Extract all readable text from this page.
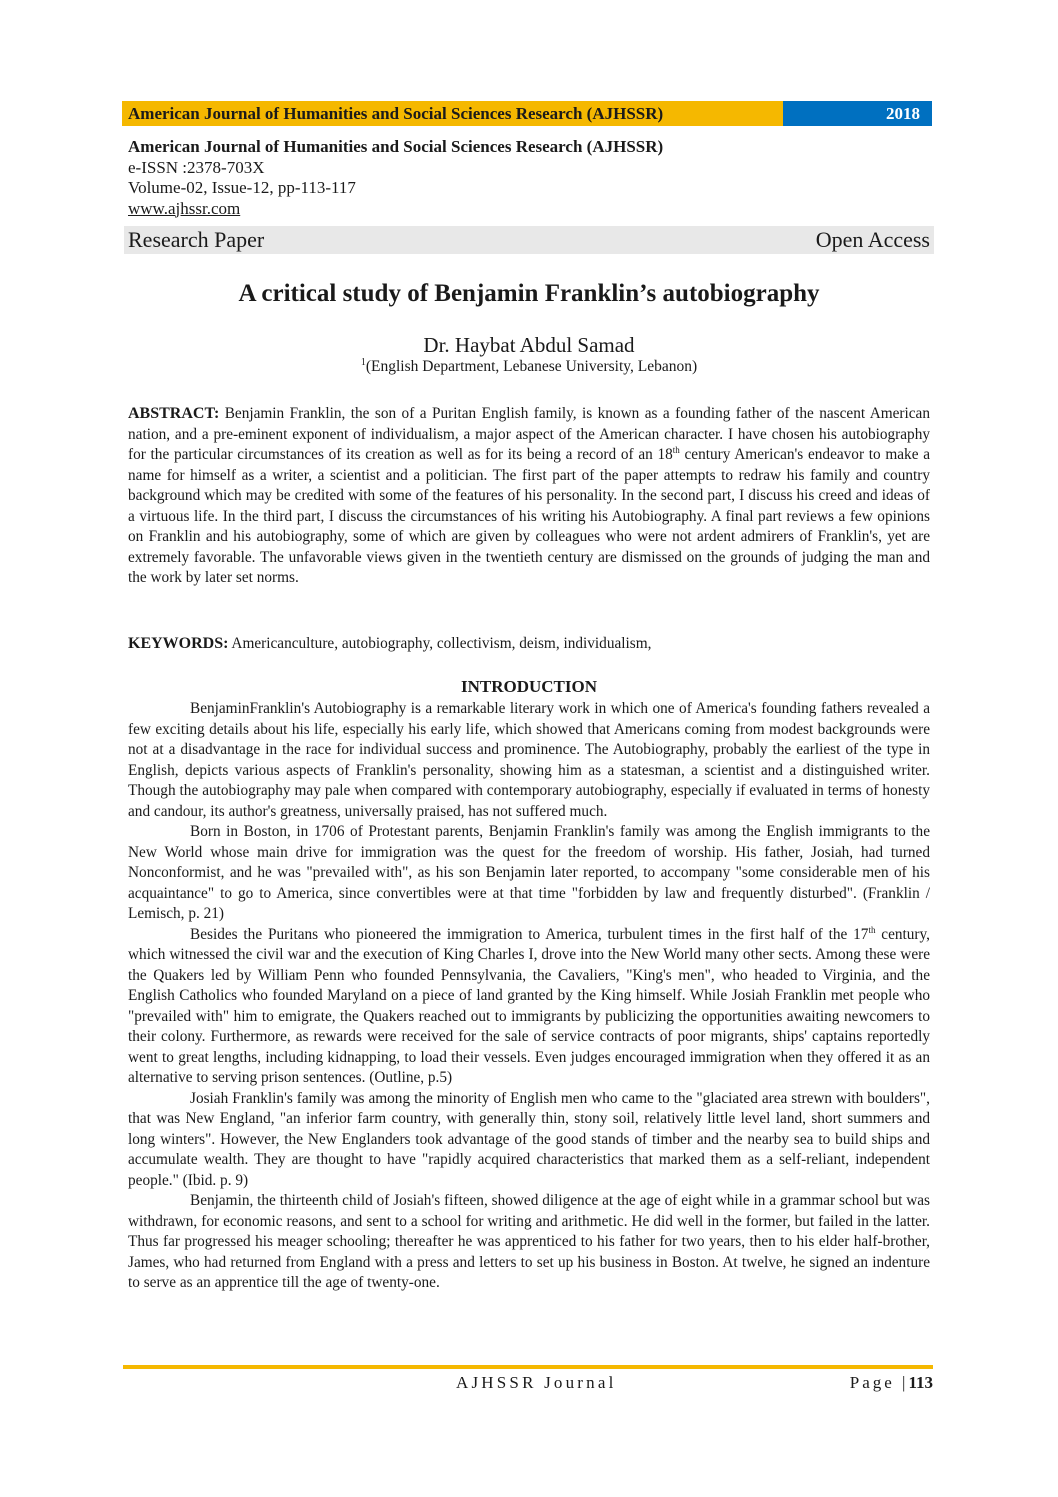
American Journal of Humanities and Social Sciences Research (AJHSSR)	2018
American Journal of Humanities and Social Sciences Research (AJHSSR)
e-ISSN :2378-703X
Volume-02, Issue-12, pp-113-117
www.ajhssr.com
Research Paper	Open Access
A critical study of Benjamin Franklin’s autobiography
Dr. Haybat Abdul Samad
$^1$(English Department, Lebanese University, Lebanon)
ABSTRACT: Benjamin Franklin, the son of a Puritan English family, is known as a founding father of the nascent American nation, and a pre-eminent exponent of individualism, a major aspect of the American character. I have chosen his autobiography for the particular circumstances of its creation as well as for its being a record of an 18th century American's endeavor to make a name for himself as a writer, a scientist and a politician. The first part of the paper attempts to redraw his family and country background which may be credited with some of the features of his personality. In the second part, I discuss his creed and ideas of a virtuous life. In the third part, I discuss the circumstances of his writing his Autobiography. A final part reviews a few opinions on Franklin and his autobiography, some of which are given by colleagues who were not ardent admirers of Franklin's, yet are extremely favorable. The unfavorable views given in the twentieth century are dismissed on the grounds of judging the man and the work by later set norms.
KEYWORDS: Americanculture, autobiography, collectivism, deism, individualism,
INTRODUCTION

BenjaminFranklin's Autobiography is a remarkable literary work in which one of America's founding fathers revealed a few exciting details about his life, especially his early life, which showed that Americans coming from modest backgrounds were not at a disadvantage in the race for individual success and prominence. The Autobiography, probably the earliest of the type in English, depicts various aspects of Franklin's personality, showing him as a statesman, a scientist and a distinguished writer. Though the autobiography may pale when compared with contemporary autobiography, especially if evaluated in terms of honesty and candour, its author's greatness, universally praised, has not suffered much.

Born in Boston, in 1706 of Protestant parents, Benjamin Franklin's family was among the English immigrants to the New World whose main drive for immigration was the quest for the freedom of worship. His father, Josiah, had turned Nonconformist, and he was "prevailed with", as his son Benjamin later reported, to accompany "some considerable men of his acquaintance" to go to America, since convertibles were at that time "forbidden by law and frequently disturbed". (Franklin / Lemisch, p. 21)

Besides the Puritans who pioneered the immigration to America, turbulent times in the first half of the 17th century, which witnessed the civil war and the execution of King Charles I, drove into the New World many other sects. Among these were the Quakers led by William Penn who founded Pennsylvania, the Cavaliers, "King's men", who headed to Virginia, and the English Catholics who founded Maryland on a piece of land granted by the King himself. While Josiah Franklin met people who "prevailed with" him to emigrate, the Quakers reached out to immigrants by publicizing the opportunities awaiting newcomers to their colony. Furthermore, as rewards were received for the sale of service contracts of poor migrants, ships' captains reportedly went to great lengths, including kidnapping, to load their vessels. Even judges encouraged immigration when they offered it as an alternative to serving prison sentences. (Outline, p.5)

Josiah Franklin's family was among the minority of English men who came to the "glaciated area strewn with boulders", that was New England, "an inferior farm country, with generally thin, stony soil, relatively little level land, short summers and long winters". However, the New Englanders took advantage of the good stands of timber and the nearby sea to build ships and accumulate wealth. They are thought to have "rapidly acquired characteristics that marked them as a self-reliant, independent people." (Ibid. p. 9)

Benjamin, the thirteenth child of Josiah's fifteen, showed diligence at the age of eight while in a grammar school but was withdrawn, for economic reasons, and sent to a school for writing and arithmetic. He did well in the former, but failed in the latter. Thus far progressed his meager schooling; thereafter he was apprenticed to his father for two years, then to his elder half-brother, James, who had returned from England with a press and letters to set up his business in Boston. At twelve, he signed an indenture to serve as an apprentice till the age of twenty-one.

AJHSSR Journal	Page |113
